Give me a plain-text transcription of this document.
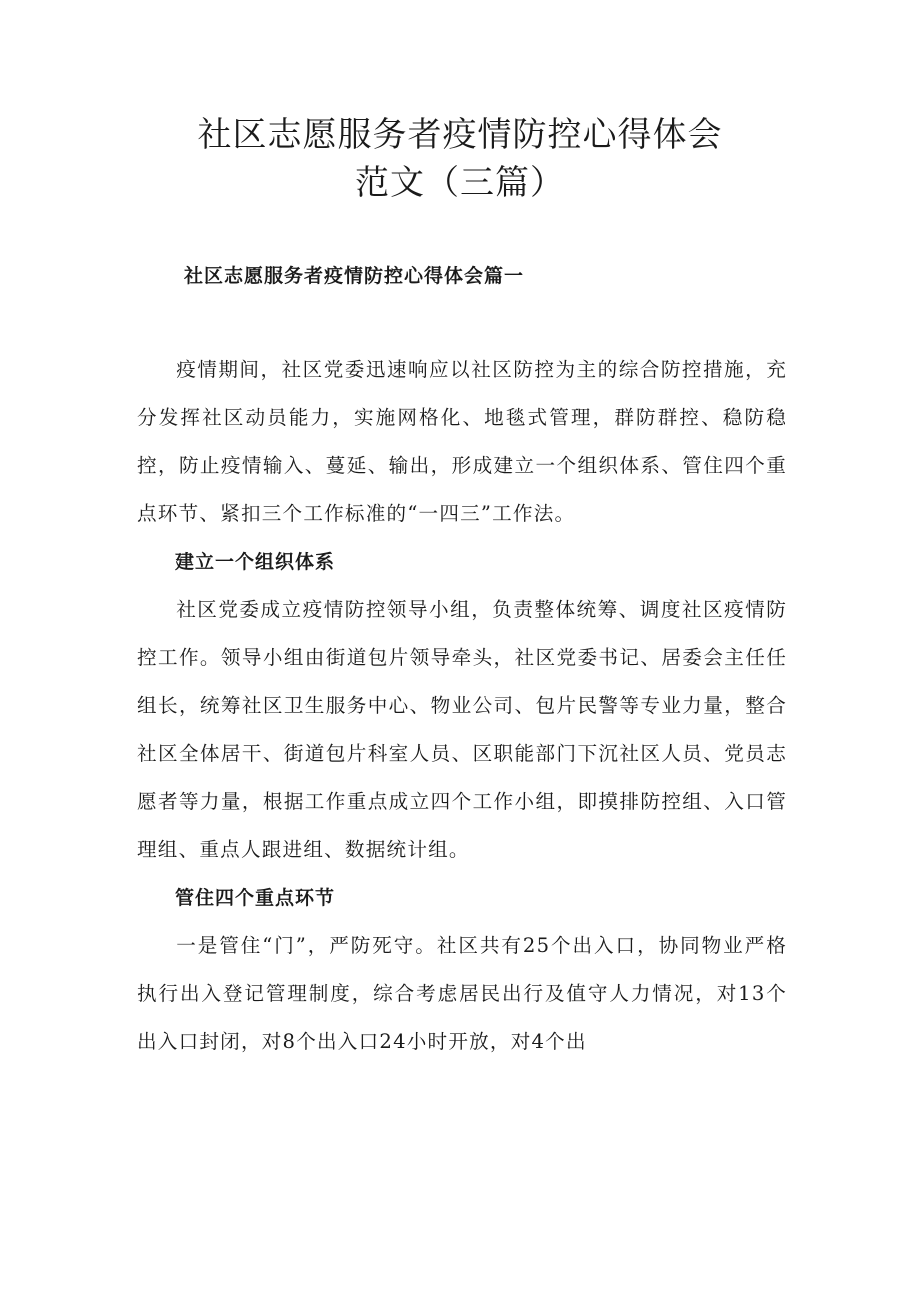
社区志愿服务者疫情防控心得体会
范文（三篇）
社区志愿服务者疫情防控心得体会篇一

疫情期间，社区党委迅速响应以社区防控为主的综合防控措施，充分发挥社区动员能力，实施网格化、地毯式管理，群防群控、稳防稳控，防止疫情输入、蔓延、输出，形成建立一个组织体系、管住四个重点环节、紧扣三个工作标准的“一四三”工作法。

建立一个组织体系

社区党委成立疫情防控领导小组，负责整体统筹、调度社区疫情防控工作。领导小组由街道包片领导牵头，社区党委书记、居委会主任任组长，统筹社区卫生服务中心、物业公司、包片民警等专业力量，整合社区全体居干、街道包片科室人员、区职能部门下沉社区人员、党员志愿者等力量，根据工作重点成立四个工作小组，即摸排防控组、入口管理组、重点人跟进组、数据统计组。

管住四个重点环节

一是管住“门”，严防死守。社区共有25个出入口，协同物业严格执行出入登记管理制度，综合考虑居民出行及值守人力情况，对13个出入口封闭，对8个出入口24小时开放，对4个出
